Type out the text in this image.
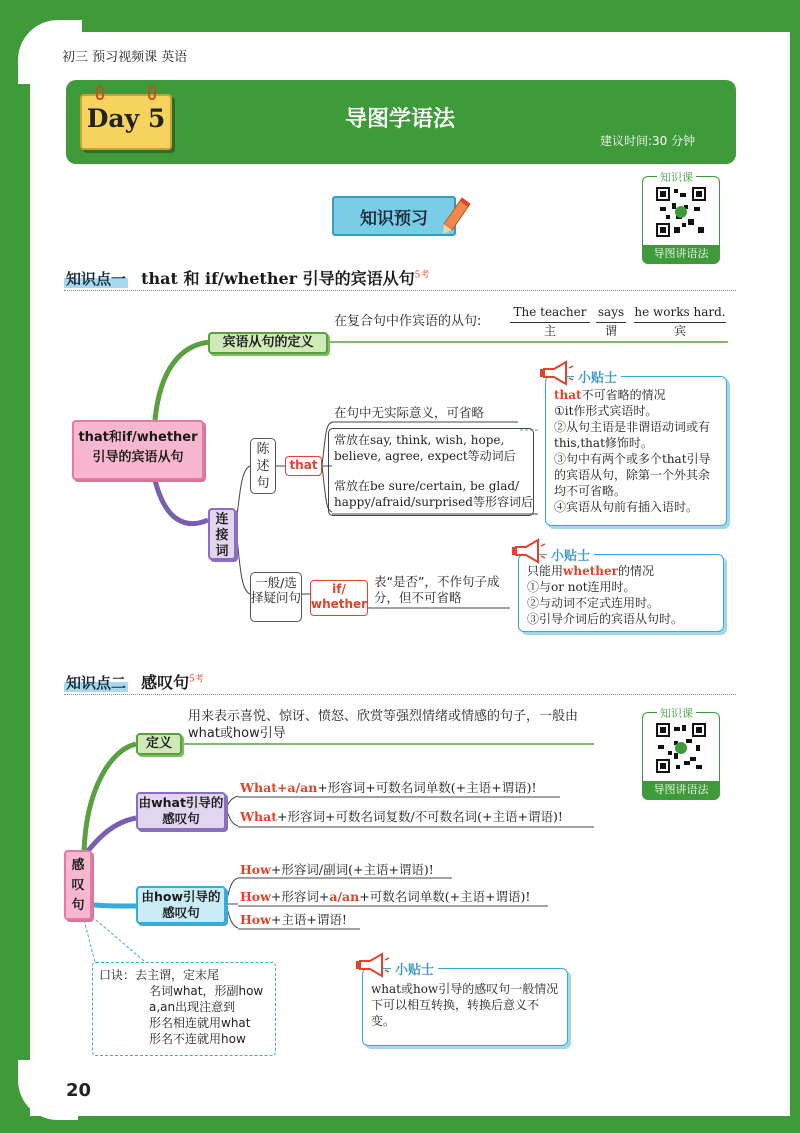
初三 预习视频课 英语
Day 5	导图学语法
建议时间:30 分钟
知识课
导图讲语法
知识预习
知识点一 that 和 if/whether 引导的宾语从句$^{5考}$
that和if/whether 引导的宾语从句
宾语从句的定义
在复合句中作宾语的从句:
The teacher
主
says
谓
he works hard.
宾
连接词
陈述句
that
在句中无实际意义，可省略
常放在say, think, wish, hope, believe, agree, expect等动词后
常放在be sure/certain, be glad/ happy/afraid/surprised等形容词后
一般/选择疑问句
if/ whether
表“是否”，不作句子成分，但不可省略
小贴士
that不可省略的情况
①it作形式宾语时。
②从句主语是非谓语动词或有this,that修饰时。
③句中有两个或多个that引导的宾语从句，除第一个外其余均不可省略。
④宾语从句前有插入语时。
小贴士
只能用whether的情况
①与or not连用时。
②与动词不定式连用时。
③引导介词后的宾语从句时。
知识点二 感叹句$^{5考}$
知识课
导图讲语法
感叹句
定义
用来表示喜悦、惊讶、愤怒、欣赏等强烈情绪或情感的句子，一般由what或how引导
由what引导的感叹句
What+a/an+形容词+可数名词单数(+主语+谓语)!
What+形容词+可数名词复数/不可数名词(+主语+谓语)!
由how引导的感叹句
How+形容词/副词(+主语+谓语)!
How+形容词+a/an+可数名词单数(+主语+谓语)!
How+主语+谓语!
口诀：去主谓，定末尾
名词what，形副how
a,an出现注意到
形名相连就用what
形名不连就用how
小贴士
what或how引导的感叹句一般情况下可以相互转换，转换后意义不变。
20
